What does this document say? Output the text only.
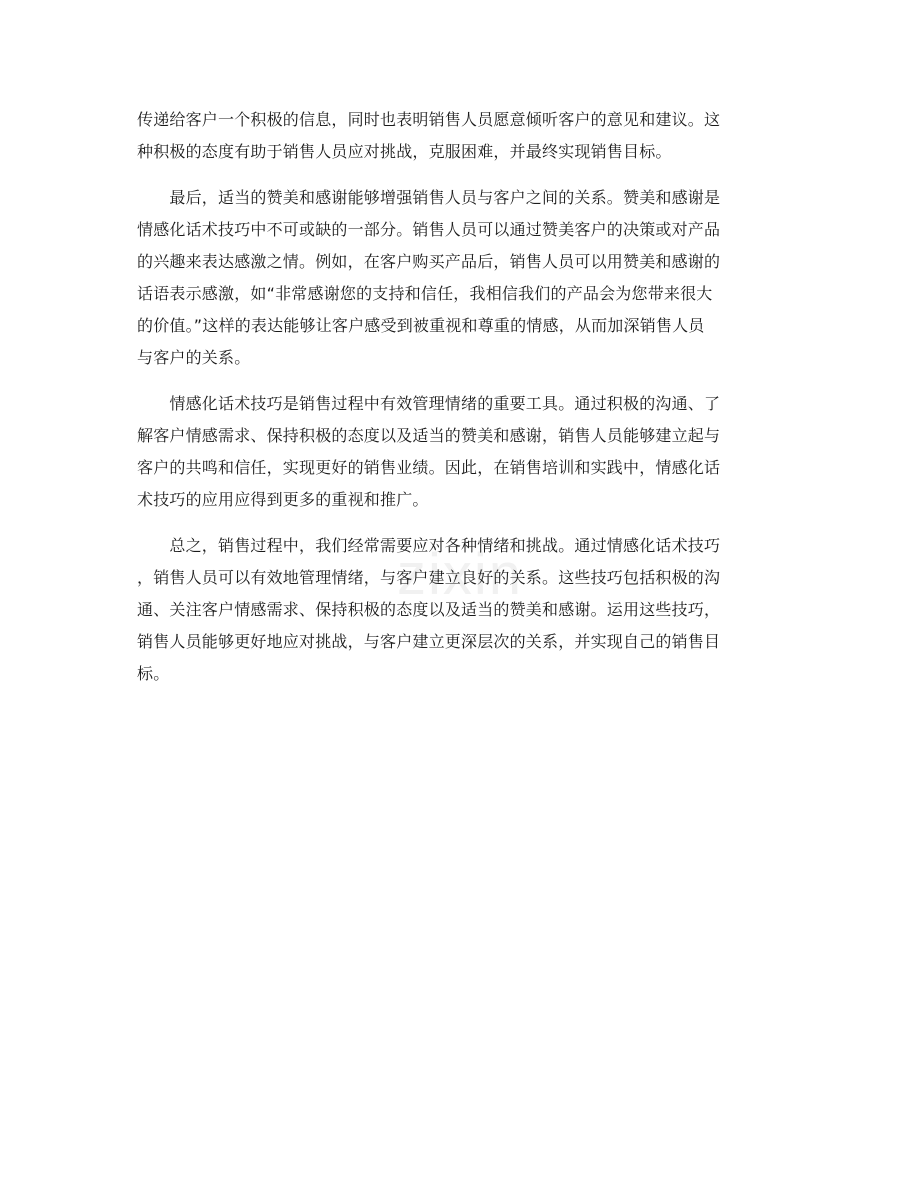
zixin
传递给客户一个积极的信息，同时也表明销售人员愿意倾听客户的意见和建议。这
种积极的态度有助于销售人员应对挑战，克服困难，并最终实现销售目标。
　　最后，适当的赞美和感谢能够增强销售人员与客户之间的关系。赞美和感谢是
情感化话术技巧中不可或缺的一部分。销售人员可以通过赞美客户的决策或对产品
的兴趣来表达感激之情。例如，在客户购买产品后，销售人员可以用赞美和感谢的
话语表示感激，如“非常感谢您的支持和信任，我相信我们的产品会为您带来很大
的价值。”这样的表达能够让客户感受到被重视和尊重的情感，从而加深销售人员
与客户的关系。
　　情感化话术技巧是销售过程中有效管理情绪的重要工具。通过积极的沟通、了
解客户情感需求、保持积极的态度以及适当的赞美和感谢，销售人员能够建立起与
客户的共鸣和信任，实现更好的销售业绩。因此，在销售培训和实践中，情感化话
术技巧的应用应得到更多的重视和推广。
　　总之，销售过程中，我们经常需要应对各种情绪和挑战。通过情感化话术技巧
，销售人员可以有效地管理情绪，与客户建立良好的关系。这些技巧包括积极的沟
通、关注客户情感需求、保持积极的态度以及适当的赞美和感谢。运用这些技巧，
销售人员能够更好地应对挑战，与客户建立更深层次的关系，并实现自己的销售目
标。
